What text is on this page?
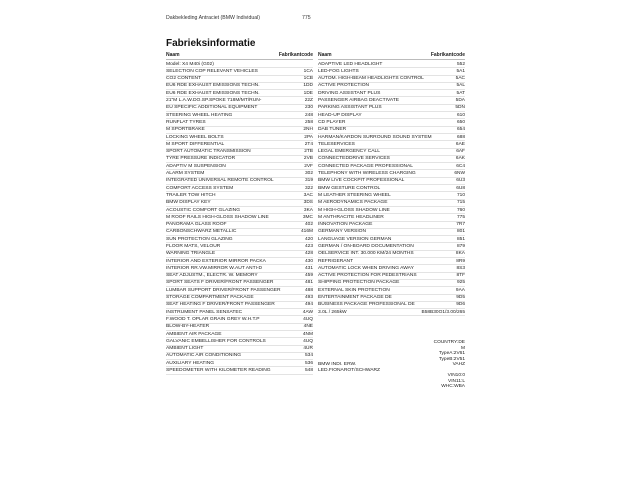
Dakbekleding Antraciet (BMW Individual)	775
Fabrieksinformatie
Naam	Fabrikantcode
Model: X4 M40i (G02)
SELECTION COP RELEVANT VEHICLES	1CA
CO2 CONTENT	1CB
EU6 RDE EXHAUST EMISSIONS TECHN.	1DD
EU6 RDE EXHAUST EMISSIONS TECHN.	1DE
21"M L.A.W.DO.SP.SPOKE 718M/MT/RUN-	22Z
EU SPECIFIC ADDITIONAL EQUIPMENT	230
STEERING WHEEL HEATING	248
RUNFLAT TYRES	258
M SPORTBRAKE	2NH
LOCKING WHEEL BOLTS	2PA
M SPORT DIFFERENTIAL	2T4
SPORT AUTOMATIC TRANSMISSION	2TB
TYRE PRESSURE INDICATOR	2VB
ADAPTIV M SUSPENSION	2VF
ALARM SYSTEM	302
INTEGRATED UNIVERSAL REMOTE CONTROL	319
COMFORT ACCESS SYSTEM	322
TRAILER TOW HITCH	3AC
BMW DISPLAY KEY	3DS
ACOUSTIC COMFORT GLAZING	3KA
M ROOF RAILS HIGH-GLOSS SHADOW LINE	3MC
PANORAMA GLASS ROOF	402
CARBONSCHWARZ METALLIC	416M
SUN PROTECTION GLAZING	420
FLOOR MATS, VELOUR	423
WARNING TRIANGLE	428
INTERIOR AND EXTERIOR MIRROR PACKA	430
INTERIOR RR.VW.MIRROR W.AUT ANTI-D	431
SEAT ADJUSTM., ELECTR. W. MEMORY	459
SPORT SEATS F DRIVER/FRONT PASSENGER	481
LUMBAR SUPPORT DRIVER/FRONT PASSENGER	488
STORAGE COMPARTMENT PACKAGE	493
SEAT HEATING F DRIVER/FRONT PASSENGER	494
INSTRUMENT PANEL SENSATEC	4AW
F.WOOD T. OPLAR GRAIN GREY W.H.T.P	4UQ
BLOW-BY-HEATER	4NE
AMBIENT AIR PACKAGE	4NM
GALVANIC EMBELLISHER FOR CONTROLS	4UQ
AMBIENT LIGHT	4UR
AUTOMATIC AIR CONDITIONING	534
AUXILIARY HEATING	536
SPEEDOMETER WITH KILOMETER READING	548
Naam	Fabrikantcode
ADAPTIVE LED HEADLIGHT	552
LED-FOG LIGHTS	5A1
AUTOM. HIGH-BEAM HEADLIGHTS CONTROL	5AC
ACTIVE PROTECTION	5AL
DRIVING ASSISTANT PLUS	5AT
PASSENGER AIRBAG DEACTIVATE	5DA
PARKING ASSISTANT PLUS	5DN
HEAD-UP DISPLAY	610
CD PLAYER	650
DAB TUNER	654
HARMAN/KARDON SURROUND SOUND SYSTEM	688
TELESERVICES	6AE
LEGAL EMERGENCY CALL	6AF
CONNECTEDDRIVE SERVICES	6AK
CONNECTED PACKAGE PROFESSIONAL	6C4
TELEPHONY WITH WIRELESS CHARGING	6NW
BMW LIVE COCKPIT PROFESSIONAL	6U3
BMW GESTURE CONTROL	6U8
M LEATHER STEERING WHEEL	710
M AERODYNAMICS PACKAGE	715
M HIGH-GLOSS SHADOW LINE	760
M ANTHRACITE HEADLINER	775
INNOVATION PACKAGE	7R7
GERMANY VERSION	801
LANGUAGE VERSION GERMAN	851
GERMAN / ON-BOARD DOCUMENTATION	879
OELSERVICE INT. 30.000 KM/24 MONTHS	8KA
REFRIGERANT	8R9
AUTOMATIC LOCK WHEN DRIVING AWAY	8S3
ACTIVE PROTECTION FOR PEDESTRIANS	8TF
SHIPPING PROTECTION PACKAGE	925
EXTERNAL SKIN PROTECTION	9AA
ENTERTAINMENT PACKAGE DE	9D5
BUSINESS PACKAGE PROFESSIONAL DE	9D6
3.0L / 265kW	B58B30O1/3.00/265
COUNTRY:DE
M
TypeA:2V61
TypeB:2V51
BMW INDI. ERW. LED.FIONAROT/SCHWARZ
VAHZ

VIN10:0
VIN11:L
WHC:WBA
